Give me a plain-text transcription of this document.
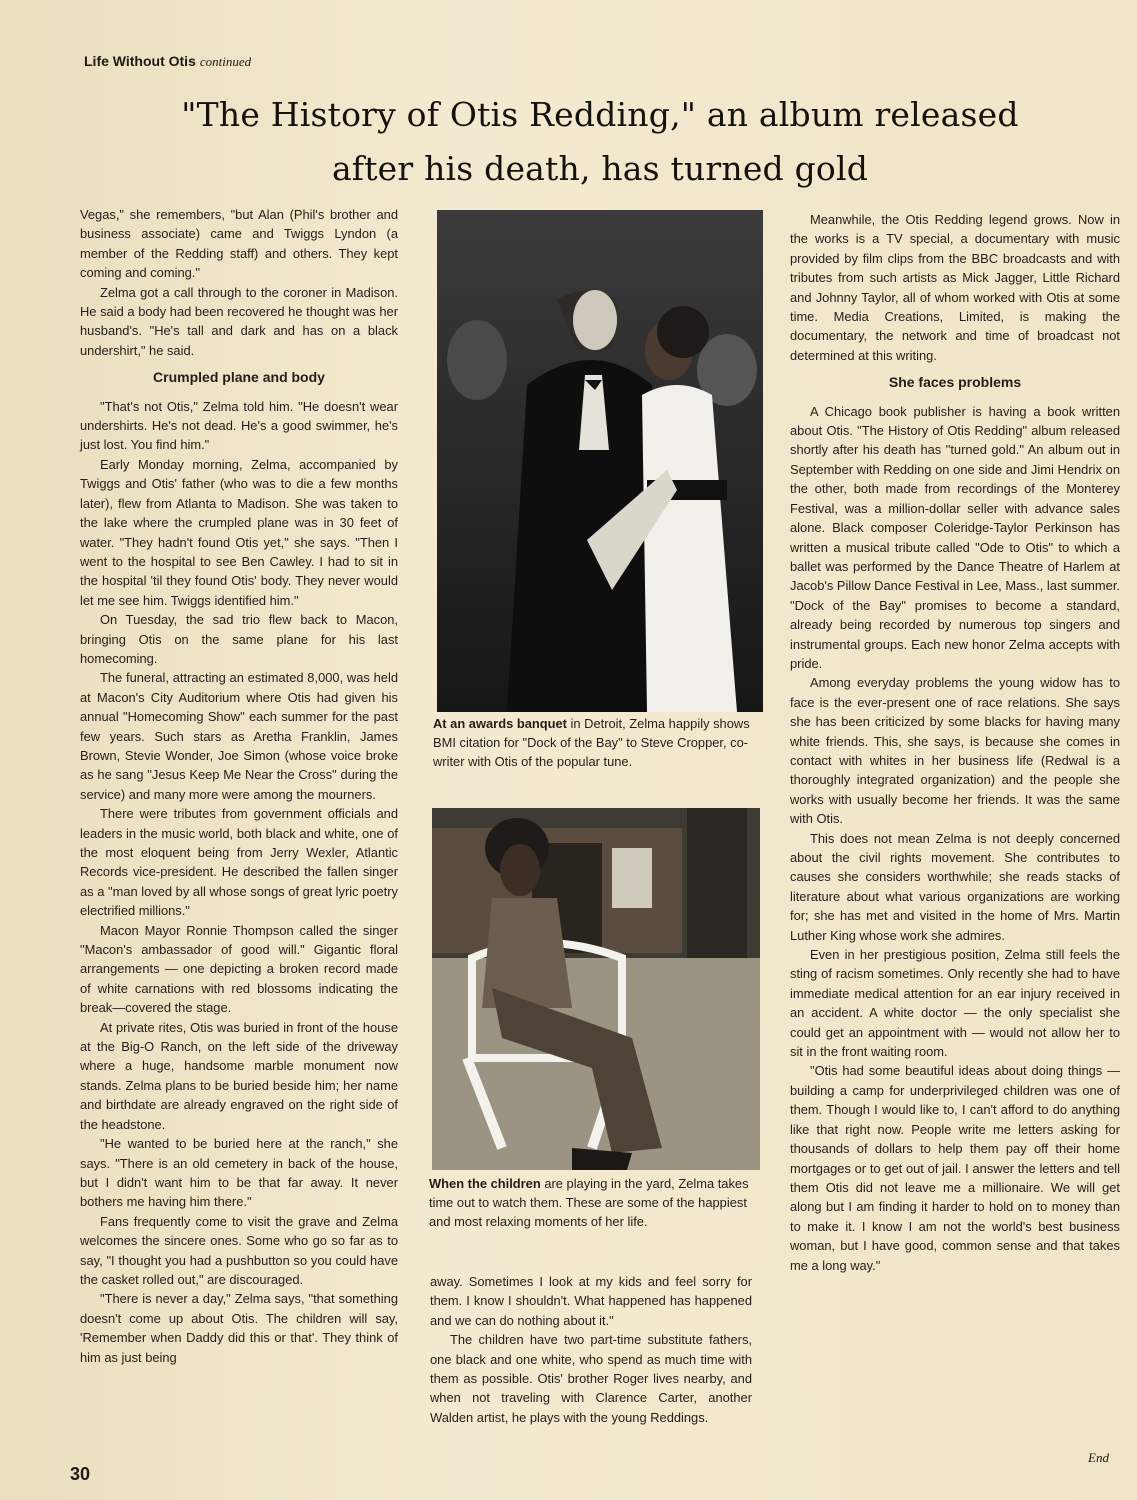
Life Without Otis continued
"The History of Otis Redding," an album released after his death, has turned gold

Vegas," she remembers, "but Alan (Phil's brother and business associate) came and Twiggs Lyndon (a member of the Redding staff) and others. They kept coming and coming."

Zelma got a call through to the coroner in Madison. He said a body had been recovered he thought was her husband's. "He's tall and dark and has on a black undershirt," he said.

Crumpled plane and body

"That's not Otis," Zelma told him. "He doesn't wear undershirts. He's not dead. He's a good swimmer, he's just lost. You find him."

Early Monday morning, Zelma, accompanied by Twiggs and Otis' father (who was to die a few months later), flew from Atlanta to Madison. She was taken to the lake where the crumpled plane was in 30 feet of water. "They hadn't found Otis yet," she says. "Then I went to the hospital to see Ben Cawley. I had to sit in the hospital 'til they found Otis' body. They never would let me see him. Twiggs identified him."

On Tuesday, the sad trio flew back to Macon, bringing Otis on the same plane for his last homecoming.

The funeral, attracting an estimated 8,000, was held at Macon's City Auditorium where Otis had given his annual "Homecoming Show" each summer for the past few years. Such stars as Aretha Franklin, James Brown, Stevie Wonder, Joe Simon (whose voice broke as he sang "Jesus Keep Me Near the Cross" during the service) and many more were among the mourners.

There were tributes from government officials and leaders in the music world, both black and white, one of the most eloquent being from Jerry Wexler, Atlantic Records vice-president. He described the fallen singer as a "man loved by all whose songs of great lyric poetry electrified millions."

Macon Mayor Ronnie Thompson called the singer "Macon's ambassador of good will." Gigantic floral arrangements — one depicting a broken record made of white carnations with red blossoms indicating the break—covered the stage.

At private rites, Otis was buried in front of the house at the Big-O Ranch, on the left side of the driveway where a huge, handsome marble monument now stands. Zelma plans to be buried beside him; her name and birthdate are already engraved on the right side of the headstone.

"He wanted to be buried here at the ranch," she says. "There is an old cemetery in back of the house, but I didn't want him to be that far away. It never bothers me having him there."

Fans frequently come to visit the grave and Zelma welcomes the sincere ones. Some who go so far as to say, "I thought you had a pushbutton so you could have the casket rolled out," are discouraged.

"There is never a day," Zelma says, "that something doesn't come up about Otis. The children will say, 'Remember when Daddy did this or that'. They think of him as just being

At an awards banquet in Detroit, Zelma happily shows BMI citation for "Dock of the Bay" to Steve Cropper, co-writer with Otis of the popular tune.
When the children are playing in the yard, Zelma takes time out to watch them. These are some of the happiest and most relaxing moments of her life.

away. Sometimes I look at my kids and feel sorry for them. I know I shouldn't. What happened has happened and we can do nothing about it."

The children have two part-time substitute fathers, one black and one white, who spend as much time with them as possible. Otis' brother Roger lives nearby, and when not traveling with Clarence Carter, another Walden artist, he plays with the young Reddings.

Meanwhile, the Otis Redding legend grows. Now in the works is a TV special, a documentary with music provided by film clips from the BBC broadcasts and with tributes from such artists as Mick Jagger, Little Richard and Johnny Taylor, all of whom worked with Otis at some time. Media Creations, Limited, is making the documentary, the network and time of broadcast not determined at this writing.

She faces problems

A Chicago book publisher is having a book written about Otis. "The History of Otis Redding" album released shortly after his death has "turned gold." An album out in September with Redding on one side and Jimi Hendrix on the other, both made from recordings of the Monterey Festival, was a million-dollar seller with advance sales alone. Black composer Coleridge-Taylor Perkinson has written a musical tribute called "Ode to Otis" to which a ballet was performed by the Dance Theatre of Harlem at Jacob's Pillow Dance Festival in Lee, Mass., last summer. "Dock of the Bay" promises to become a standard, already being recorded by numerous top singers and instrumental groups. Each new honor Zelma accepts with pride.

Among everyday problems the young widow has to face is the ever-present one of race relations. She says she has been criticized by some blacks for having many white friends. This, she says, is because she comes in contact with whites in her business life (Redwal is a thoroughly integrated organization) and the people she works with usually become her friends. It was the same with Otis.

This does not mean Zelma is not deeply concerned about the civil rights movement. She contributes to causes she considers worthwhile; she reads stacks of literature about what various organizations are working for; she has met and visited in the home of Mrs. Martin Luther King whose work she admires.

Even in her prestigious position, Zelma still feels the sting of racism sometimes. Only recently she had to have immediate medical attention for an ear injury received in an accident. A white doctor — the only specialist she could get an appointment with — would not allow her to sit in the front waiting room.

"Otis had some beautiful ideas about doing things — building a camp for underprivileged children was one of them. Though I would like to, I can't afford to do anything like that right now. People write me letters asking for thousands of dollars to help them pay off their home mortgages or to get out of jail. I answer the letters and tell them Otis did not leave me a millionaire. We will get along but I am finding it harder to hold on to money than to make it. I know I am not the world's best business woman, but I have good, common sense and that takes me a long way."

End
30
